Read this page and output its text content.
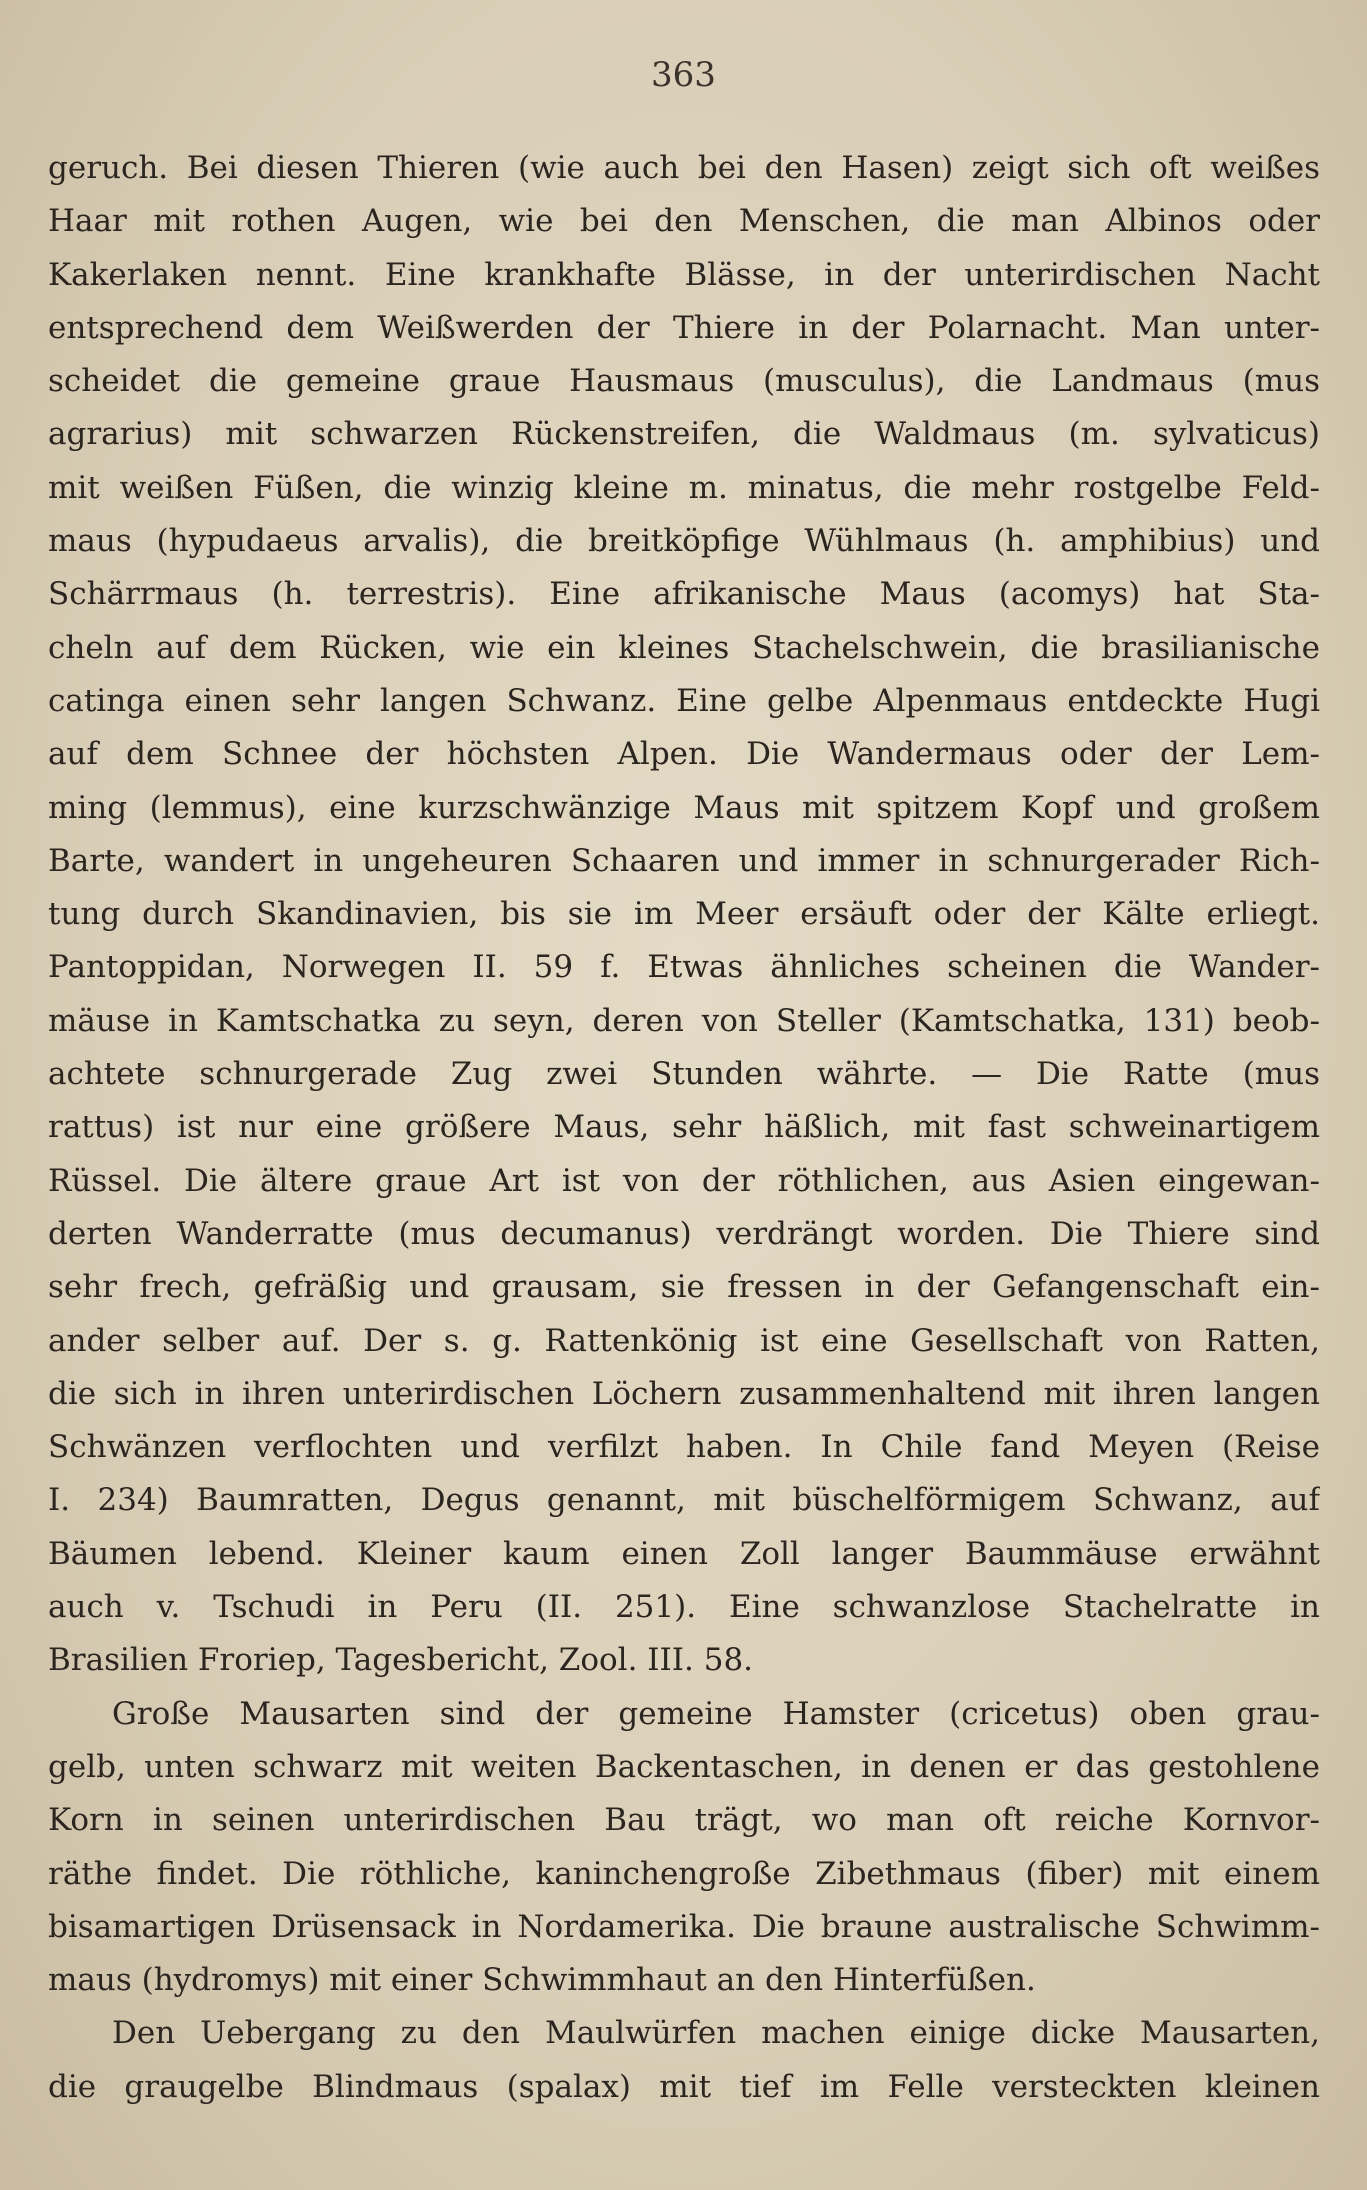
363
geruch. Bei diesen Thieren (wie auch bei den Hasen) zeigt sich oft weißes
Haar mit rothen Augen, wie bei den Menschen, die man Albinos oder
Kakerlaken nennt. Eine krankhafte Blässe, in der unterirdischen Nacht
entsprechend dem Weißwerden der Thiere in der Polarnacht. Man unter-
scheidet die gemeine graue Hausmaus (musculus), die Landmaus (mus
agrarius) mit schwarzen Rückenstreifen, die Waldmaus (m. sylvaticus)
mit weißen Füßen, die winzig kleine m. minatus, die mehr rostgelbe Feld-
maus (hypudaeus arvalis), die breitköpfige Wühlmaus (h. amphibius) und
Schärrmaus (h. terrestris). Eine afrikanische Maus (acomys) hat Sta-
cheln auf dem Rücken, wie ein kleines Stachelschwein, die brasilianische
catinga einen sehr langen Schwanz. Eine gelbe Alpenmaus entdeckte Hugi
auf dem Schnee der höchsten Alpen. Die Wandermaus oder der Lem-
ming (lemmus), eine kurzschwänzige Maus mit spitzem Kopf und großem
Barte, wandert in ungeheuren Schaaren und immer in schnurgerader Rich-
tung durch Skandinavien, bis sie im Meer ersäuft oder der Kälte erliegt.
Pantoppidan, Norwegen II. 59 f. Etwas ähnliches scheinen die Wander-
mäuse in Kamtschatka zu seyn, deren von Steller (Kamtschatka, 131) beob-
achtete schnurgerade Zug zwei Stunden währte. — Die Ratte (mus
rattus) ist nur eine größere Maus, sehr häßlich, mit fast schweinartigem
Rüssel. Die ältere graue Art ist von der röthlichen, aus Asien eingewan-
derten Wanderratte (mus decumanus) verdrängt worden. Die Thiere sind
sehr frech, gefräßig und grausam, sie fressen in der Gefangenschaft ein-
ander selber auf. Der s. g. Rattenkönig ist eine Gesellschaft von Ratten,
die sich in ihren unterirdischen Löchern zusammenhaltend mit ihren langen
Schwänzen verflochten und verfilzt haben. In Chile fand Meyen (Reise
I. 234) Baumratten, Degus genannt, mit büschelförmigem Schwanz, auf
Bäumen lebend. Kleiner kaum einen Zoll langer Baummäuse erwähnt
auch v. Tschudi in Peru (II. 251). Eine schwanzlose Stachelratte in
Brasilien Froriep, Tagesbericht, Zool. III. 58.
Große Mausarten sind der gemeine Hamster (cricetus) oben grau-
gelb, unten schwarz mit weiten Backentaschen, in denen er das gestohlene
Korn in seinen unterirdischen Bau trägt, wo man oft reiche Kornvor-
räthe findet. Die röthliche, kaninchengroße Zibethmaus (fiber) mit einem
bisamartigen Drüsensack in Nordamerika. Die braune australische Schwimm-
maus (hydromys) mit einer Schwimmhaut an den Hinterfüßen.
Den Uebergang zu den Maulwürfen machen einige dicke Mausarten,
die graugelbe Blindmaus (spalax) mit tief im Felle versteckten kleinen
